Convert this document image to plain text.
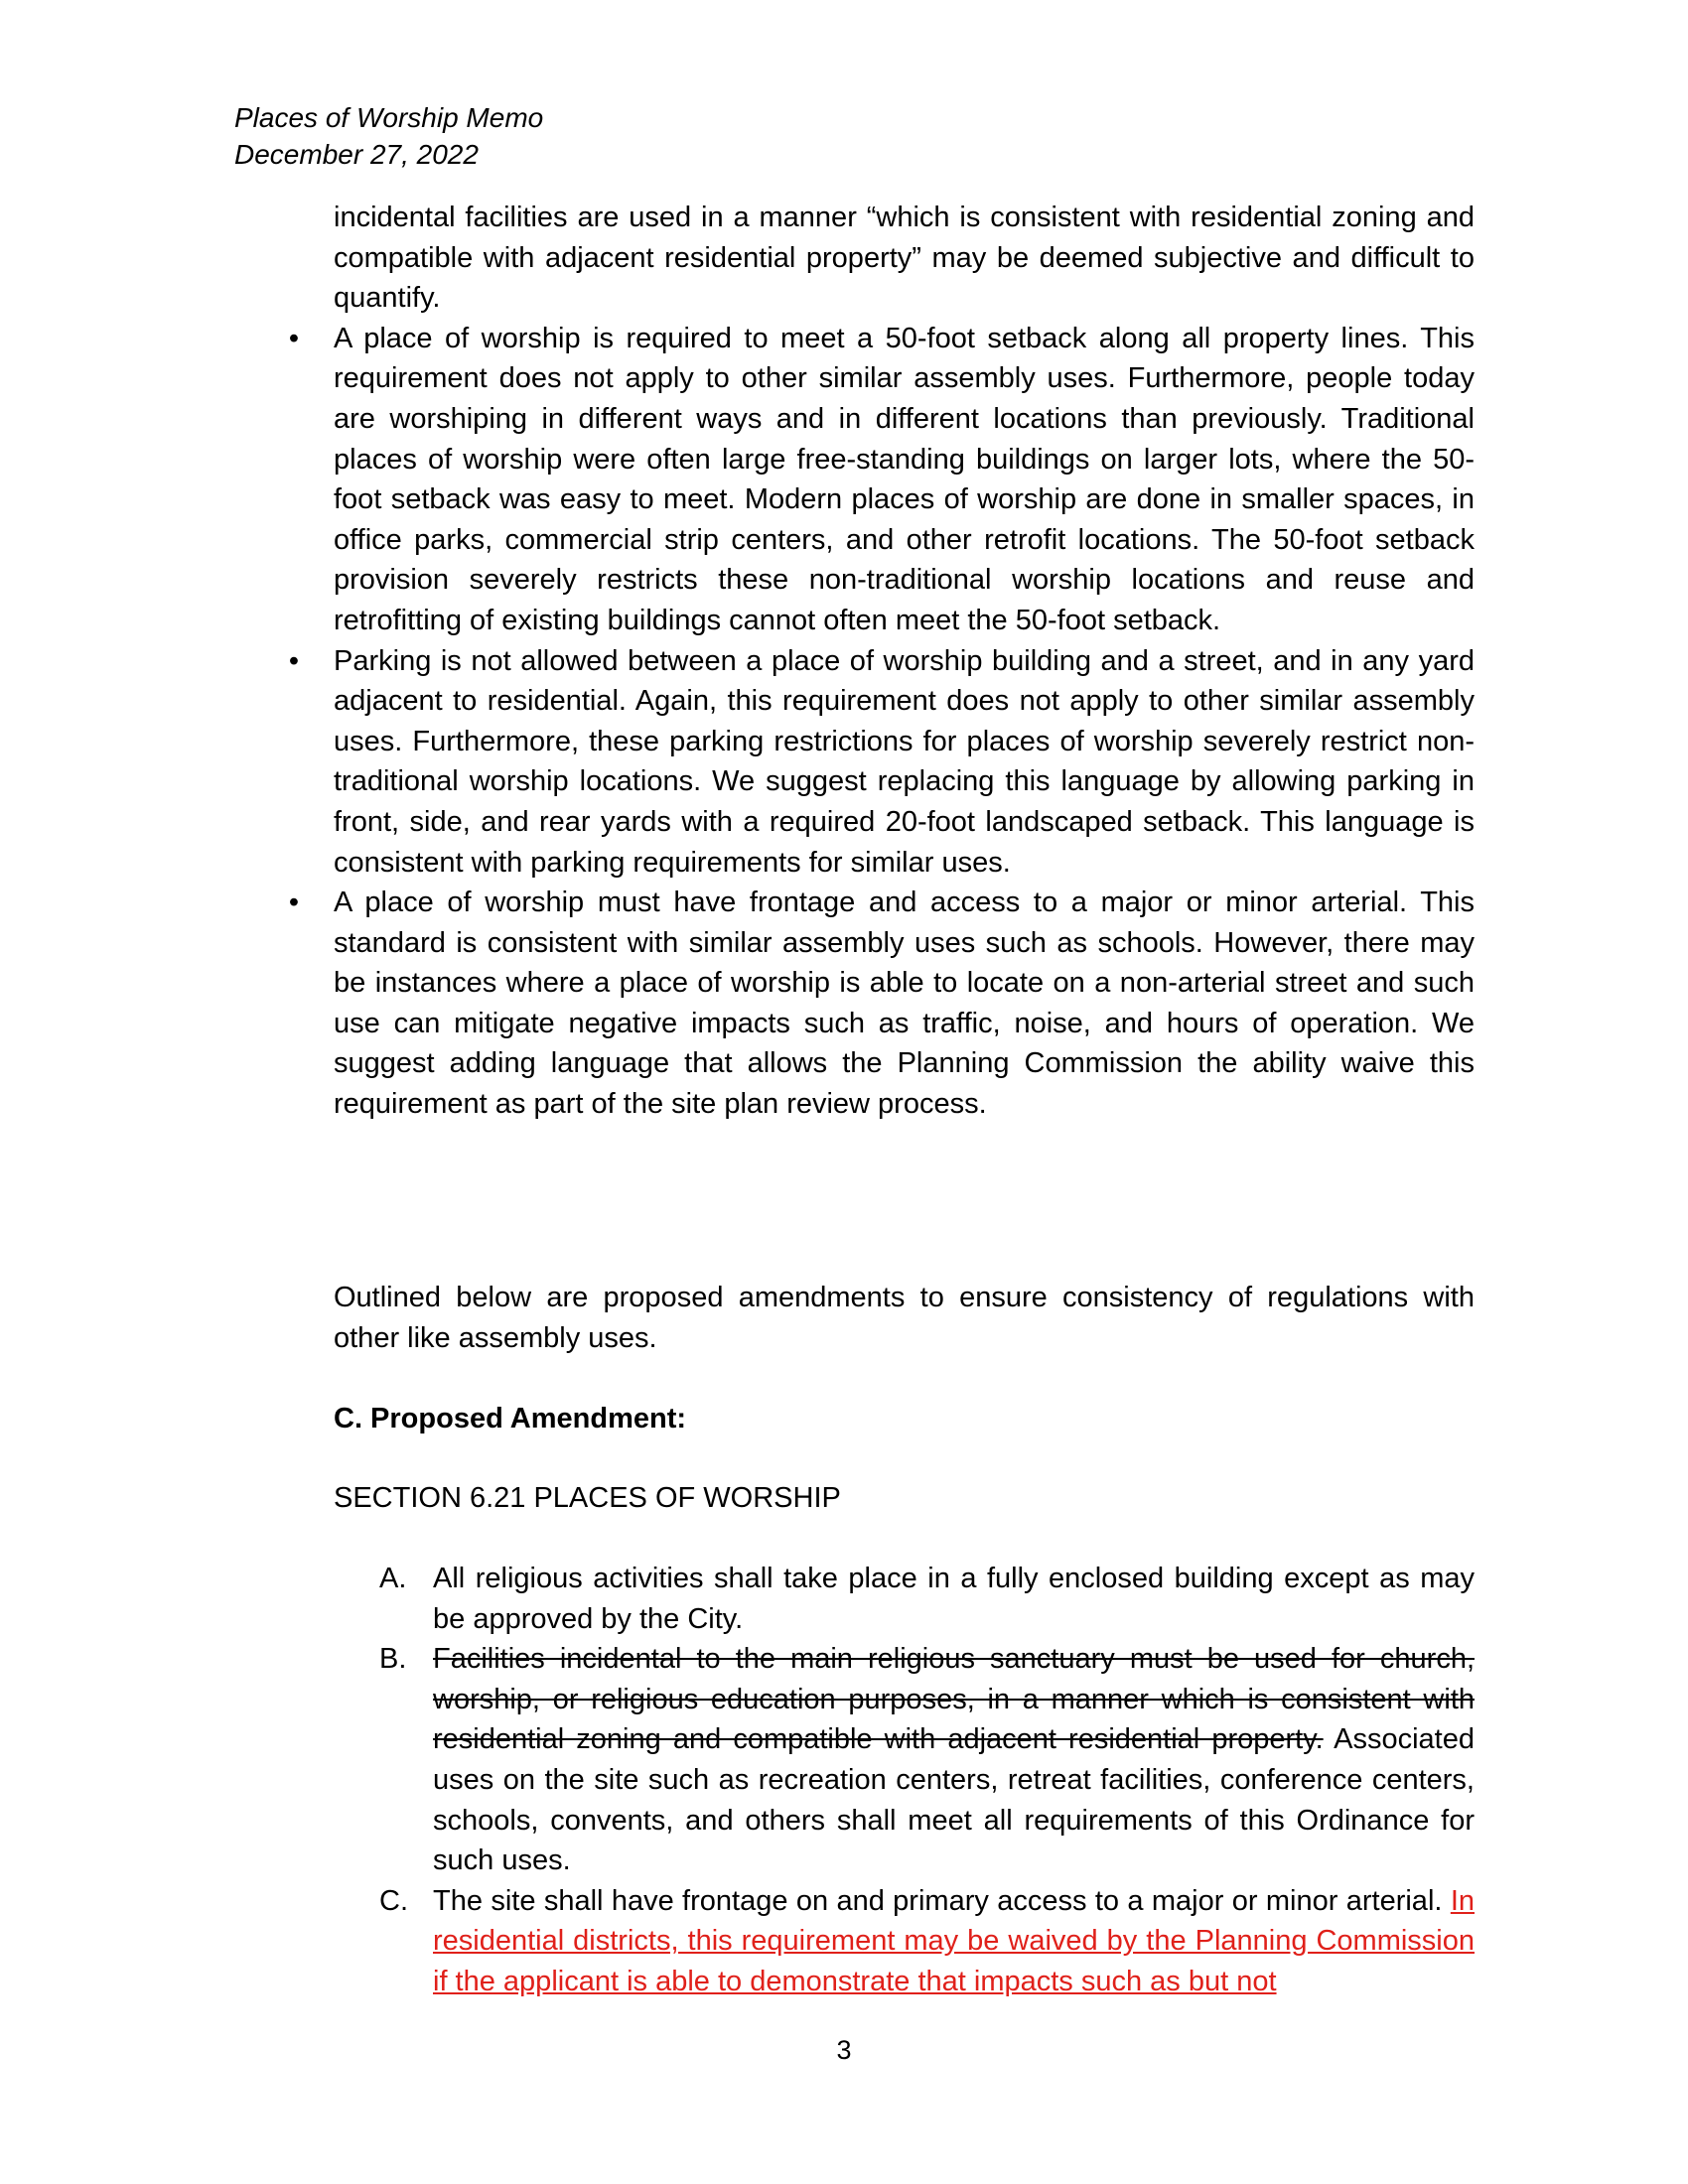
Places of Worship Memo
December 27, 2022
incidental facilities are used in a manner “which is consistent with residential zoning and compatible with adjacent residential property” may be deemed subjective and difficult to quantify.
• A place of worship is required to meet a 50-foot setback along all property lines. This requirement does not apply to other similar assembly uses. Furthermore, people today are worshiping in different ways and in different locations than previously. Traditional places of worship were often large free-standing buildings on larger lots, where the 50-foot setback was easy to meet. Modern places of worship are done in smaller spaces, in office parks, commercial strip centers, and other retrofit locations. The 50-foot setback provision severely restricts these non-traditional worship locations and reuse and retrofitting of existing buildings cannot often meet the 50-foot setback.
• Parking is not allowed between a place of worship building and a street, and in any yard adjacent to residential. Again, this requirement does not apply to other similar assembly uses. Furthermore, these parking restrictions for places of worship severely restrict non-traditional worship locations. We suggest replacing this language by allowing parking in front, side, and rear yards with a required 20-foot landscaped setback. This language is consistent with parking requirements for similar uses.
• A place of worship must have frontage and access to a major or minor arterial. This standard is consistent with similar assembly uses such as schools. However, there may be instances where a place of worship is able to locate on a non-arterial street and such use can mitigate negative impacts such as traffic, noise, and hours of operation. We suggest adding language that allows the Planning Commission the ability waive this requirement as part of the site plan review process.
Outlined below are proposed amendments to ensure consistency of regulations with other like assembly uses.
C. Proposed Amendment:
SECTION 6.21 PLACES OF WORSHIP
A. All religious activities shall take place in a fully enclosed building except as may be approved by the City.
B. Facilities incidental to the main religious sanctuary must be used for church, worship, or religious education purposes, in a manner which is consistent with residential zoning and compatible with adjacent residential property. Associated uses on the site such as recreation centers, retreat facilities, conference centers, schools, convents, and others shall meet all requirements of this Ordinance for such uses.
C. The site shall have frontage on and primary access to a major or minor arterial. In residential districts, this requirement may be waived by the Planning Commission if the applicant is able to demonstrate that impacts such as but not
3
